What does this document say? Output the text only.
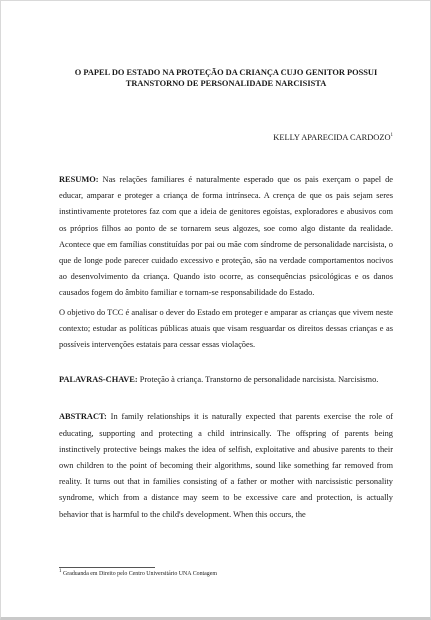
O PAPEL DO ESTADO NA PROTEÇÃO DA CRIANÇA CUJO GENITOR POSSUI TRANSTORNO DE PERSONALIDADE NARCISISTA

KELLY APARECIDA CARDOZO$^1$

RESUMO: Nas relações familiares é naturalmente esperado que os pais exerçam o papel de educar, amparar e proteger a criança de forma intrínseca. A crença de que os pais sejam seres instintivamente protetores faz com que a ideia de genitores egoístas, exploradores e abusivos com os próprios filhos ao ponto de se tornarem seus algozes, soe como algo distante da realidade. Acontece que em famílias constituídas por pai ou mãe com síndrome de personalidade narcisista, o que de longe pode parecer cuidado excessivo e proteção, são na verdade comportamentos nocivos ao desenvolvimento da criança. Quando isto ocorre, as consequências psicológicas e os danos causados fogem do âmbito familiar e tornam-se responsabilidade do Estado.

O objetivo do TCC é analisar o dever do Estado em proteger e amparar as crianças que vivem neste contexto; estudar as políticas públicas atuais que visam resguardar os direitos dessas crianças e as possíveis intervenções estatais para cessar essas violações.

PALAVRAS-CHAVE: Proteção à criança. Transtorno de personalidade narcisista. Narcisismo.

ABSTRACT: In family relationships it is naturally expected that parents exercise the role of educating, supporting and protecting a child intrinsically. The offspring of parents being instinctively protective beings makes the idea of selfish, exploitative and abusive parents to their own children to the point of becoming their algorithms, sound like something far removed from reality. It turns out that in families consisting of a father or mother with narcissistic personality syndrome, which from a distance may seem to be excessive care and protection, is actually behavior that is harmful to the child's development. When this occurs, the

$^1$ Graduanda em Direito pelo Centro Universitário UNA Contagem
